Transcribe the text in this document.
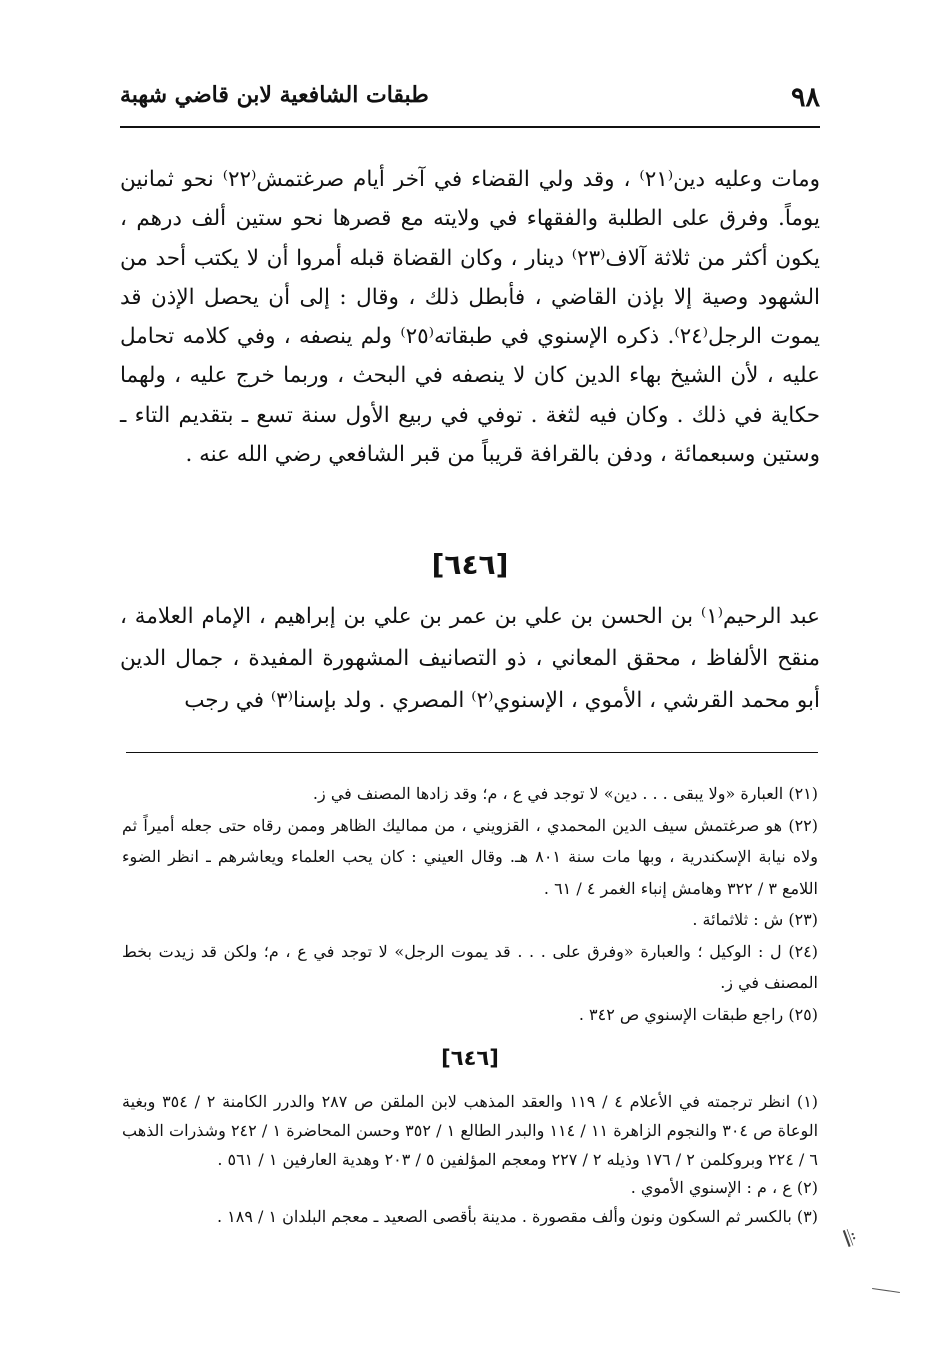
٩٨
طبقات الشافعية لابن قاضي شهبة

ومات وعليه دين⁽٢١⁾ ، وقد ولي القضاء في آخر أيام صرغتمش⁽٢٢⁾ نحو ثمانين يوماً. وفرق على الطلبة والفقهاء في ولايته مع قصرها نحو ستين ألف درهم ، يكون أكثر من ثلاثة آلاف⁽٢٣⁾ دينار ، وكان القضاة قبله أمروا أن لا يكتب أحد من الشهود وصية إلا بإذن القاضي ، فأبطل ذلك ، وقال : إلى أن يحصل الإذن قد يموت الرجل⁽٢٤⁾. ذكره الإسنوي في طبقاته⁽٢٥⁾ ولم ينصفه ، وفي كلامه تحامل عليه ، لأن الشيخ بهاء الدين كان لا ينصفه في البحث ، وربما خرج عليه ، ولهما حكاية في ذلك . وكان فيه لثغة . توفي في ربيع الأول سنة تسع ـ بتقديم التاء ـ وستين وسبعمائة ، ودفن بالقرافة قريباً من قبر الشافعي رضي الله عنه .

[٦٤٦]
عبد الرحيم⁽١⁾ بن الحسن بن علي بن عمر بن علي بن إبراهيم ، الإمام العلامة ، منقح الألفاظ ، محقق المعاني ، ذو التصانيف المشهورة المفيدة ، جمال الدين أبو محمد القرشي ، الأموي ، الإسنوي⁽٢⁾ المصري . ولد بإسنا⁽٣⁾ في رجب

(٢١) العبارة «ولا يبقى . . . دين» لا توجد في ع ، م؛ وقد زادها المصنف في ز.

(٢٢) هو صرغتمش سيف الدين المحمدي ، القزويني ، من مماليك الظاهر وممن رقاه حتى جعله أميراً ثم ولاه نيابة الإسكندرية ، وبها مات سنة ٨٠١ هـ. وقال العيني : كان يحب العلماء ويعاشرهم ـ انظر الضوء اللامع ٣ / ٣٢٢ وهامش إنباء الغمر ٤ / ٦١ .

(٢٣) ش : ثلاثمائة .

(٢٤) ل : الوكيل ؛ والعبارة «وفرق على . . . قد يموت الرجل» لا توجد في ع ، م؛ ولكن قد زيدت بخط المصنف في ز.

(٢٥) راجع طبقات الإسنوي ص ٣٤٢ .

[٦٤٦]

(١) انظر ترجمته في الأعلام ٤ / ١١٩ والعقد المذهب لابن الملقن ص ٢٨٧ والدرر الكامنة ٢ / ٣٥٤ وبغية الوعاة ص ٣٠٤ والنجوم الزاهرة ١١ / ١١٤ والبدر الطالع ١ / ٣٥٢ وحسن المحاضرة ١ / ٢٤٢ وشذرات الذهب ٦ / ٢٢٤ وبروكلمن ٢ / ١٧٦ وذيله ٢ / ٢٢٧ ومعجم المؤلفين ٥ / ٢٠٣ وهدية العارفين ١ / ٥٦١ .

(٢) ع ، م : الإسنوي الأموي .

(٣) بالكسر ثم السكون ونون وألف مقصورة . مدينة بأقصى الصعيد ـ معجم البلدان ١ / ١٨٩ .

𝄆
